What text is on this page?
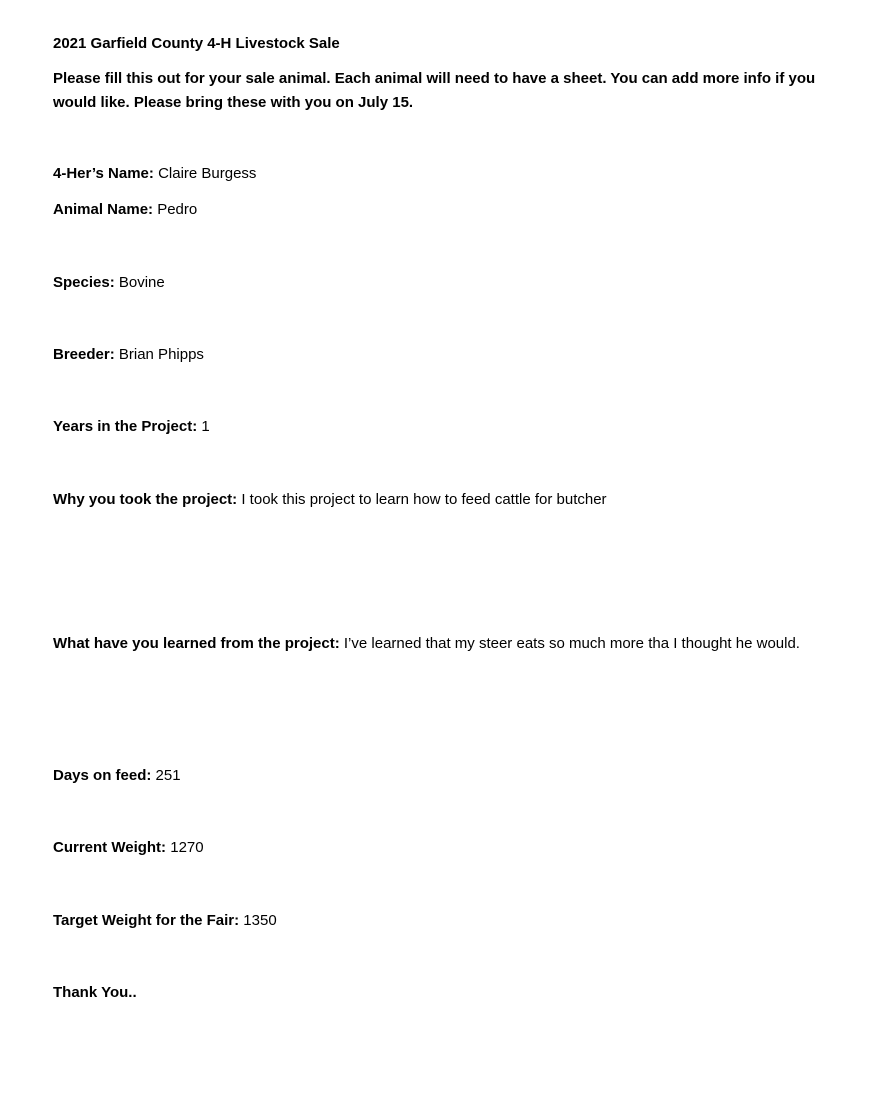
2021 Garfield County 4-H Livestock Sale
Please fill this out for your sale animal. Each animal will need to have a sheet. You can add more info if you would like. Please bring these with you on July 15.
4-Her’s Name: Claire Burgess
Animal Name: Pedro
Species: Bovine
Breeder: Brian Phipps
Years in the Project: 1
Why you took the project: I took this project to learn how to feed cattle for butcher
What have you learned from the project: I’ve learned that my steer eats so much more tha I thought he would.
Days on feed: 251
Current Weight: 1270
Target Weight for the Fair: 1350
Thank You..
